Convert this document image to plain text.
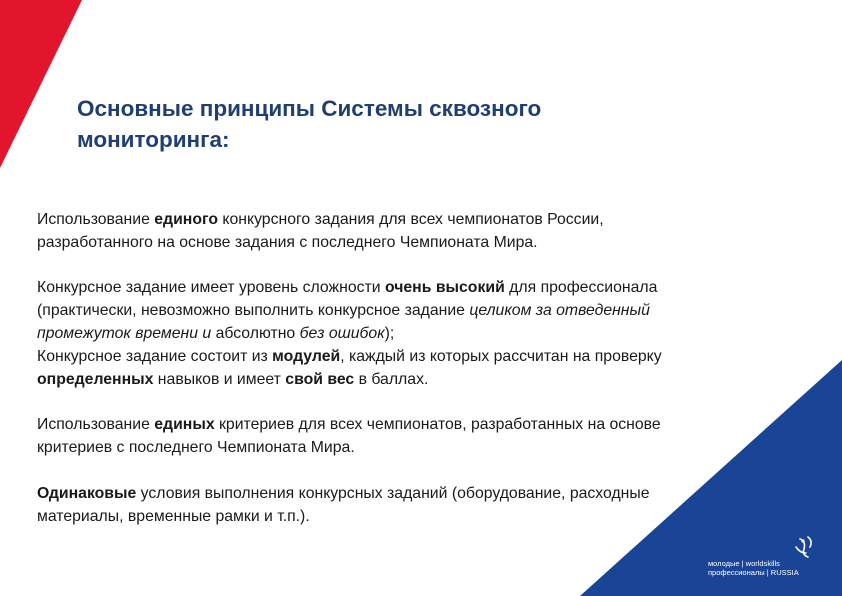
Основные принципы Системы сквозного
мониторинга:

Использование единого конкурсного задания для всех чемпионатов России,
разработанного на основе задания с последнего Чемпионата Мира.

Конкурсное задание имеет уровень сложности очень высокий для профессионала
(практически, невозможно выполнить конкурсное задание целиком за отведенный
промежуток времени и абсолютно без ошибок);

Конкурсное задание состоит из модулей, каждый из которых рассчитан на проверку
определенных навыков и имеет свой вес в баллах.

Использование единых критериев для всех чемпионатов, разработанных на основе
критериев с последнего Чемпионата Мира.

Одинаковые условия выполнения конкурсных заданий (оборудование, расходные
материалы, временные рамки и т.п.).

молодые | worldskills
профессионалы | RUSSIA
